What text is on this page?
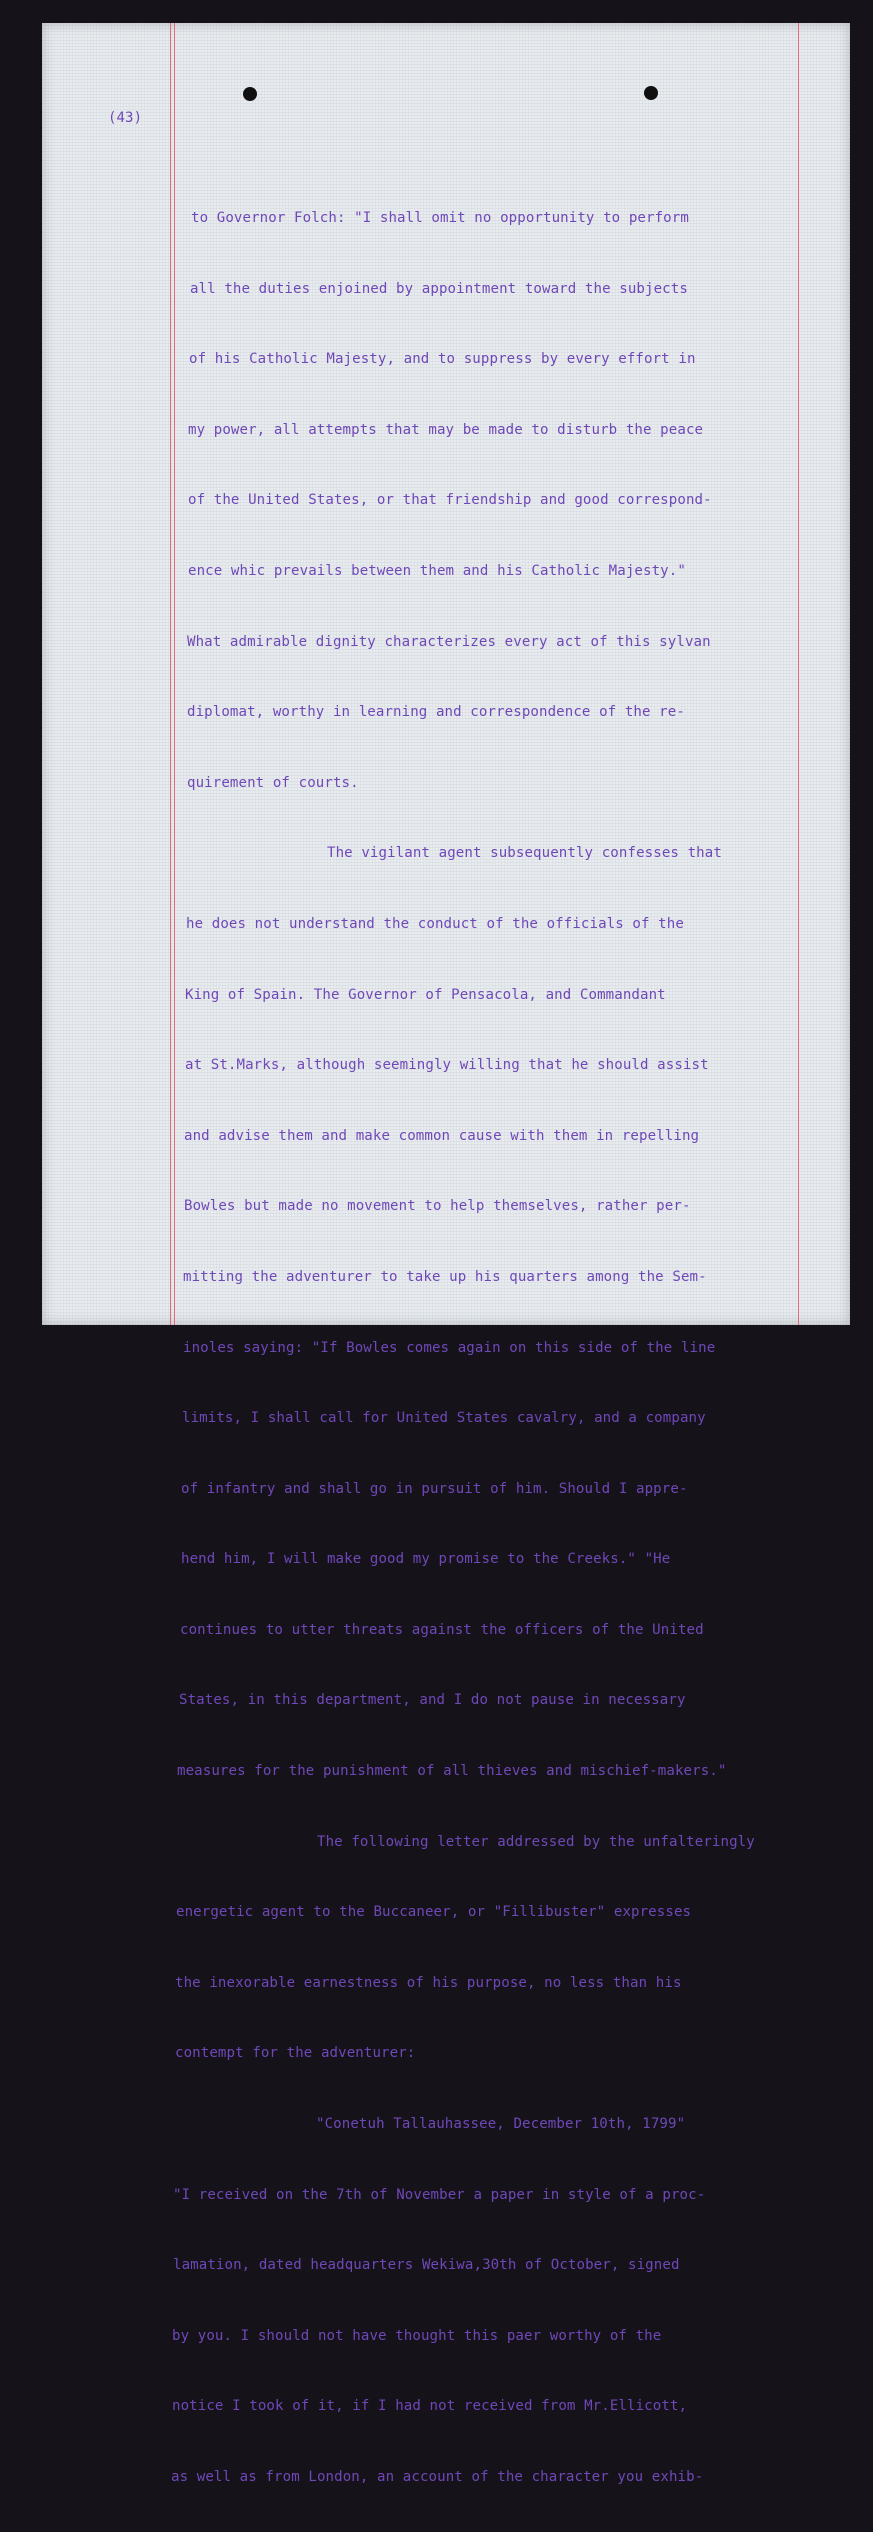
(43)

to Governor Folch: "I shall omit no opportunity to perform

all the duties enjoined by appointment toward the subjects

of his Catholic Majesty, and to suppress by every effort in

my power, all attempts that may be made to disturb the peace

of the United States, or that friendship and good correspond-

ence whic prevails between them and his Catholic Majesty."

What admirable dignity characterizes every act of this sylvan

diplomat, worthy in learning and correspondence of the re-

quirement of courts.

The vigilant agent subsequently confesses that

he does not understand the conduct of the officials of the

King of Spain. The Governor of Pensacola, and Commandant

at St.Marks, although seemingly willing that he should assist

and advise them and make common cause with them in repelling

Bowles but made no movement to help themselves, rather per-

mitting the adventurer to take up his quarters among the Sem-

inoles saying: "If Bowles comes again on this side of the line

limits, I shall call for United States cavalry, and a company

of infantry and shall go in pursuit of him. Should I appre-

hend him, I will make good my promise to the Creeks." "He

continues to utter threats against the officers of the United

States, in this department, and I do not pause in necessary

measures for the punishment of all thieves and mischief-makers."

The following letter addressed by the unfalteringly

energetic agent to the Buccaneer, or "Fillibuster" expresses

the inexorable earnestness of his purpose, no less than his

contempt for the adventurer:

"Conetuh Tallauhassee, December 10th, 1799"

"I received on the 7th of November a paper in style of a proc-

lamation, dated headquarters Wekiwa,30th of October, signed

by you. I should not have thought this paer worthy of the

notice I took of it, if I had not received from Mr.Ellicott,

as well as from London, an account of the character you exhib-
